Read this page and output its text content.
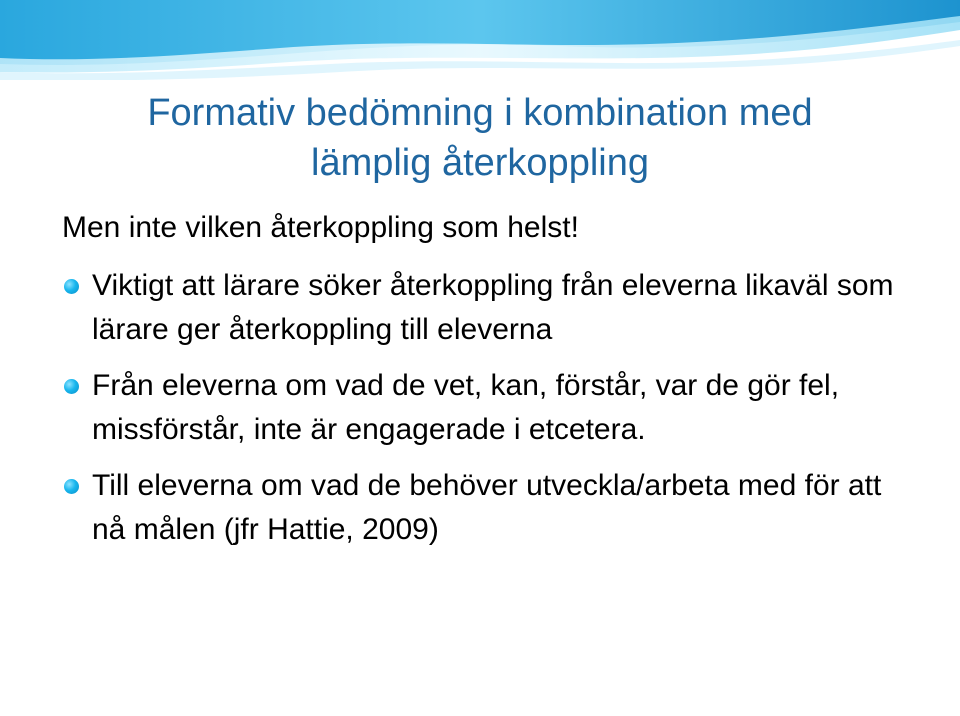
Formativ bedömning i kombination med
lämplig återkoppling

Men inte vilken återkoppling som helst!

Viktigt att lärare söker återkoppling från eleverna likaväl som lärare ger återkoppling till eleverna
Från eleverna om vad de vet, kan, förstår, var de gör fel, missförstår, inte är engagerade i etcetera.
Till eleverna om vad de behöver utveckla/arbeta med för att nå målen (jfr Hattie, 2009)
